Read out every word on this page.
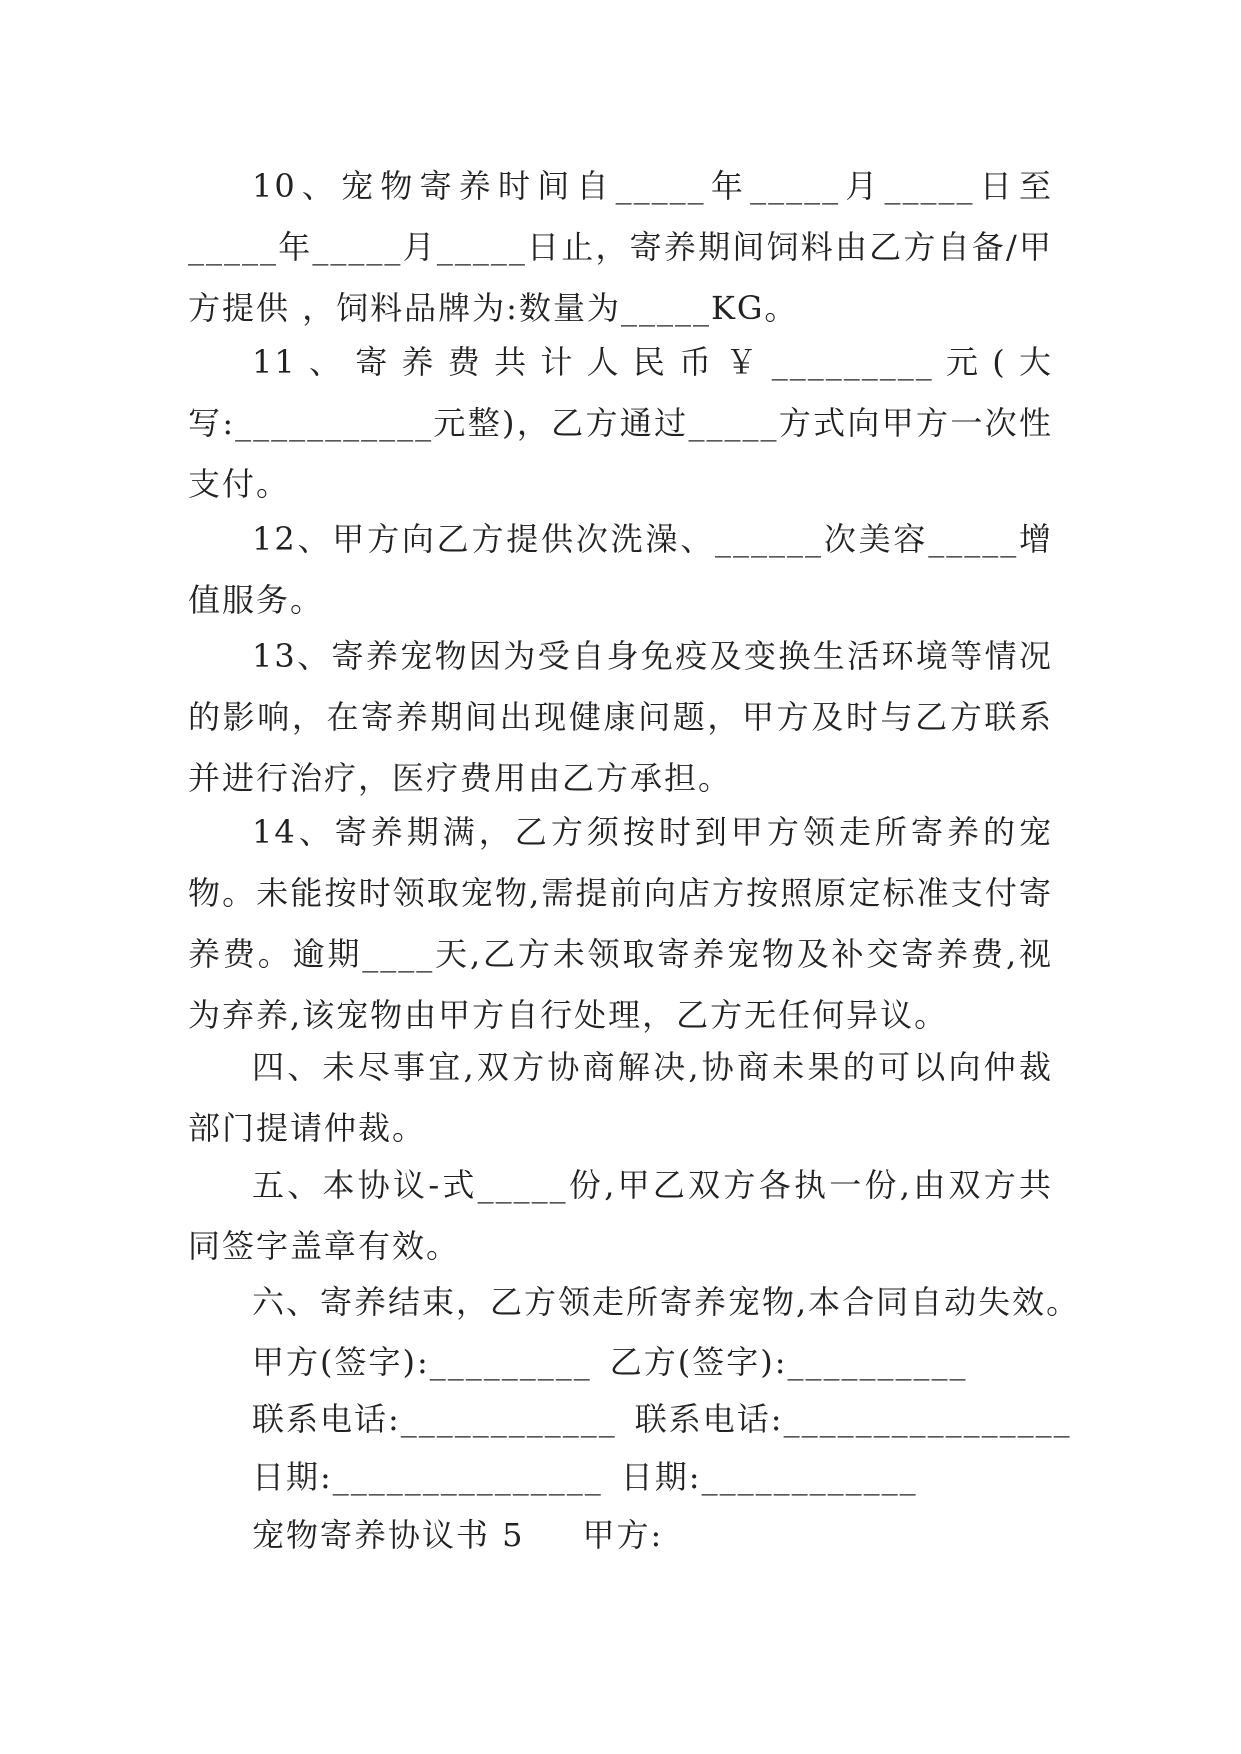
10、宠物寄养时间自_____年_____月_____日至_____年_____月_____日止，寄养期间饲料由乙方自备/甲方提供 ，饲料品牌为:数量为_____KG。

11、寄养费共计人民币￥_________元(大写:___________元整)，乙方通过_____方式向甲方一次性支付。

12、甲方向乙方提供次洗澡、______次美容_____增值服务。

13、寄养宠物因为受自身免疫及变换生活环境等情况的影响，在寄养期间出现健康问题，甲方及时与乙方联系并进行治疗，医疗费用由乙方承担。

14、寄养期满，乙方须按时到甲方领走所寄养的宠物。未能按时领取宠物,需提前向店方按照原定标准支付寄养费。逾期____天,乙方未领取寄养宠物及补交寄养费,视为弃养,该宠物由甲方自行处理，乙方无任何异议。

四、未尽事宜,双方协商解决,协商未果的可以向仲裁部门提请仲裁。

五、本协议-式_____份,甲乙双方各执一份,由双方共同签字盖章有效。

六、寄养结束，乙方领走所寄养宠物,本合同自动失效。

甲方(签字):_________ 乙方(签字):__________
联系电话:____________ 联系电话:________________
日期:_______________ 日期:____________
宠物寄养协议书 5 甲方:
